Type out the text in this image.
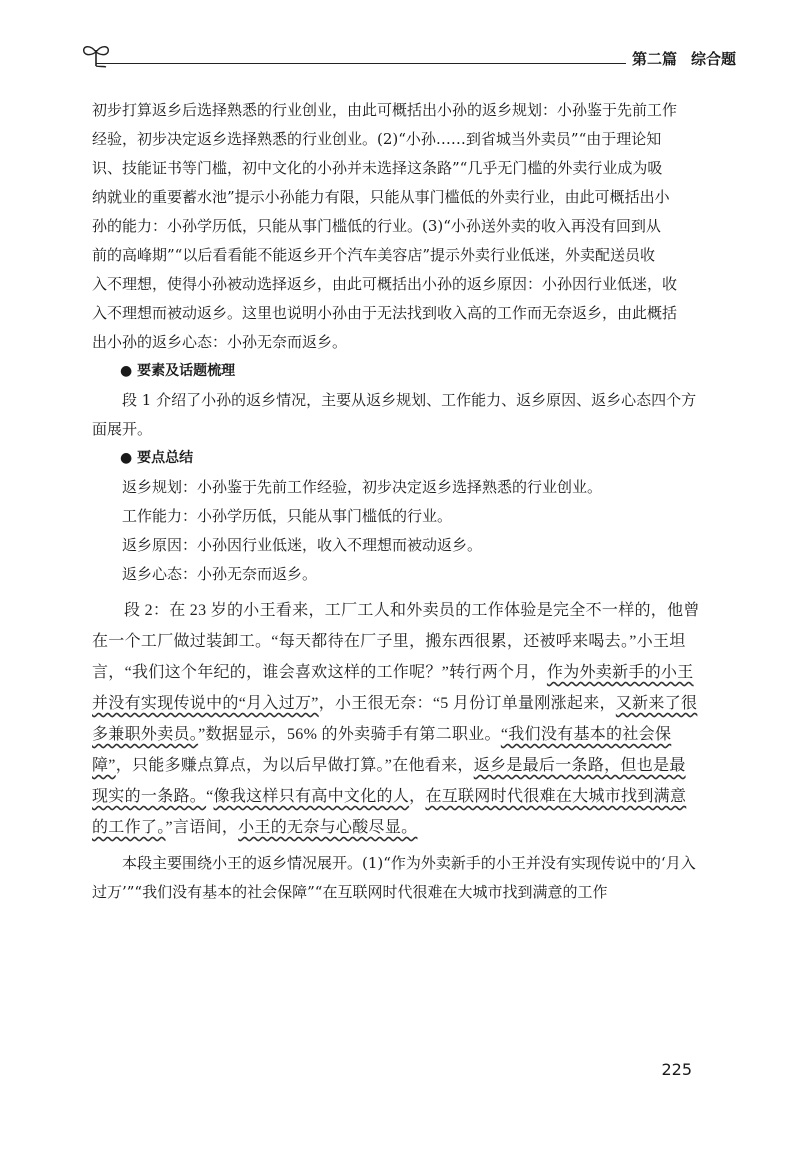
第二篇 综合题

初步打算返乡后选择熟悉的行业创业，由此可概括出小孙的返乡规划：小孙鉴于先前工作

经验，初步决定返乡选择熟悉的行业创业。(2)“小孙……到省城当外卖员”“由于理论知

识、技能证书等门槛，初中文化的小孙并未选择这条路”“几乎无门槛的外卖行业成为吸

纳就业的重要蓄水池”提示小孙能力有限，只能从事门槛低的外卖行业，由此可概括出小

孙的能力：小孙学历低，只能从事门槛低的行业。(3)“小孙送外卖的收入再没有回到从

前的高峰期”“以后看看能不能返乡开个汽车美容店”提示外卖行业低迷，外卖配送员收

入不理想，使得小孙被动选择返乡，由此可概括出小孙的返乡原因：小孙因行业低迷，收

入不理想而被动返乡。这里也说明小孙由于无法找到收入高的工作而无奈返乡，由此概括

出小孙的返乡心态：小孙无奈而返乡。

● 要素及话题梳理

段 1 介绍了小孙的返乡情况，主要从返乡规划、工作能力、返乡原因、返乡心态四个方面展开。

● 要点总结

返乡规划：小孙鉴于先前工作经验，初步决定返乡选择熟悉的行业创业。

工作能力：小孙学历低，只能从事门槛低的行业。

返乡原因：小孙因行业低迷，收入不理想而被动返乡。

返乡心态：小孙无奈而返乡。

段 2：在 23 岁的小王看来，工厂工人和外卖员的工作体验是完全不一样的，他曾在一个工厂做过装卸工。“每天都待在厂子里，搬东西很累，还被呼来喝去。”小王坦言，“我们这个年纪的，谁会喜欢这样的工作呢？”转行两个月，作为外卖新手的小王并没有实现传说中的“月入过万”，小王很无奈：“5 月份订单量刚涨起来，又新来了很多兼职外卖员。”数据显示，56% 的外卖骑手有第二职业。“我们没有基本的社会保障”，只能多赚点算点，为以后早做打算。”在他看来，返乡是最后一条路，但也是最现实的一条路。“像我这样只有高中文化的人，在互联网时代很难在大城市找到满意的工作了。”言语间，小王的无奈与心酸尽显。

本段主要围绕小王的返乡情况展开。(1)“作为外卖新手的小王并没有实现传说中的‘月入过万’”“我们没有基本的社会保障”“在互联网时代很难在大城市找到满意的工作

225
